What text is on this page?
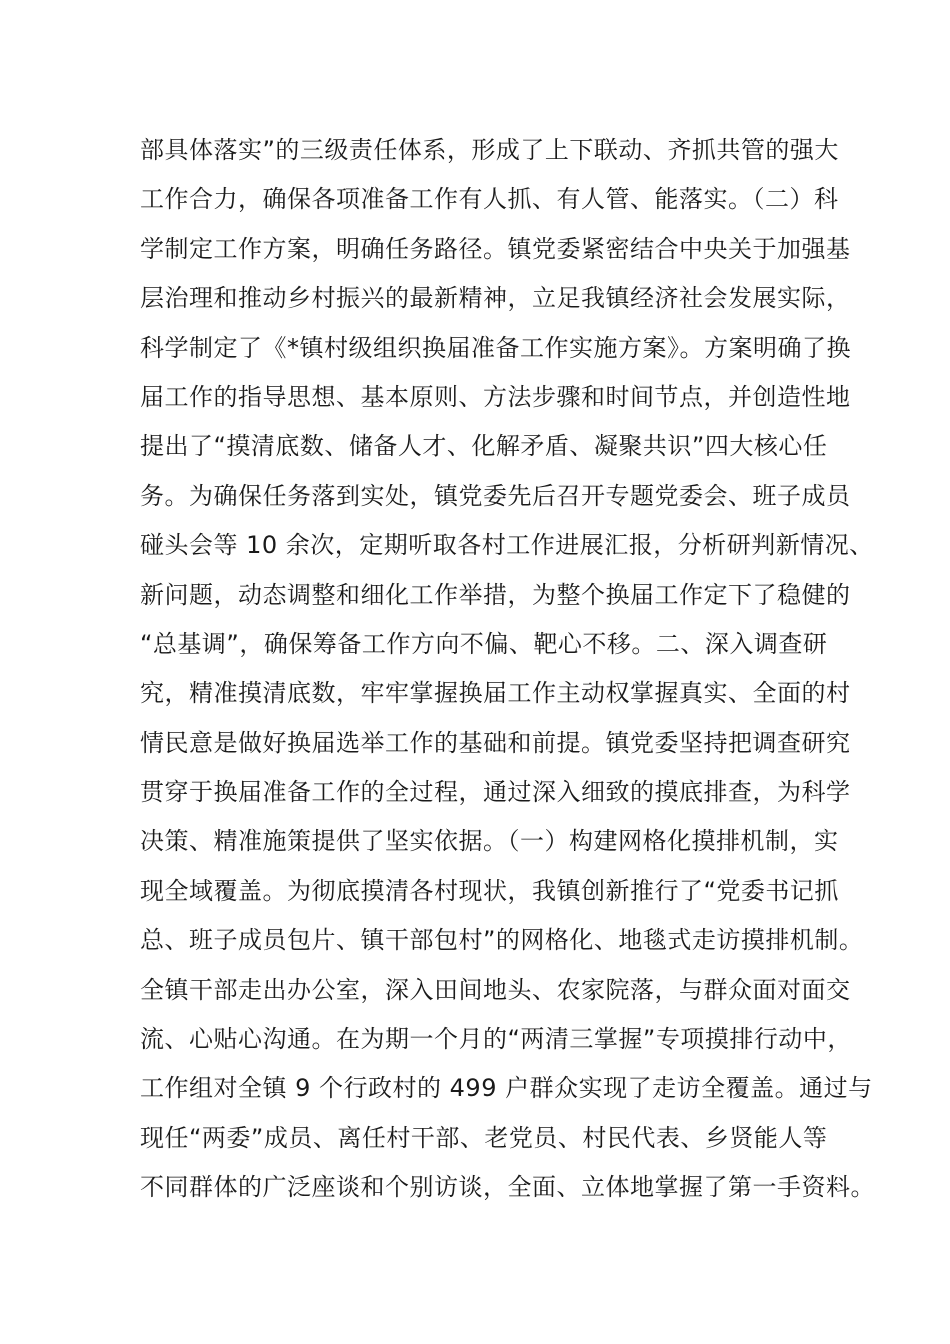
部具体落实”的三级责任体系，形成了上下联动、齐抓共管的强大
工作合力，确保各项准备工作有人抓、有人管、能落实。（二）科
学制定工作方案，明确任务路径。镇党委紧密结合中央关于加强基
层治理和推动乡村振兴的最新精神，立足我镇经济社会发展实际，
科学制定了《*镇村级组织换届准备工作实施方案》。方案明确了换
届工作的指导思想、基本原则、方法步骤和时间节点，并创造性地
提出了“摸清底数、储备人才、化解矛盾、凝聚共识”四大核心任
务。为确保任务落到实处，镇党委先后召开专题党委会、班子成员
碰头会等 10 余次，定期听取各村工作进展汇报，分析研判新情况、
新问题，动态调整和细化工作举措，为整个换届工作定下了稳健的
“总基调”，确保筹备工作方向不偏、靶心不移。二、深入调查研
究，精准摸清底数，牢牢掌握换届工作主动权掌握真实、全面的村
情民意是做好换届选举工作的基础和前提。镇党委坚持把调查研究
贯穿于换届准备工作的全过程，通过深入细致的摸底排查，为科学
决策、精准施策提供了坚实依据。（一）构建网格化摸排机制，实
现全域覆盖。为彻底摸清各村现状，我镇创新推行了“党委书记抓
总、班子成员包片、镇干部包村”的网格化、地毯式走访摸排机制。
全镇干部走出办公室，深入田间地头、农家院落，与群众面对面交
流、心贴心沟通。在为期一个月的“两清三掌握”专项摸排行动中，
工作组对全镇 9 个行政村的 499 户群众实现了走访全覆盖。通过与
现任“两委”成员、离任村干部、老党员、村民代表、乡贤能人等
不同群体的广泛座谈和个别访谈，全面、立体地掌握了第一手资料。
